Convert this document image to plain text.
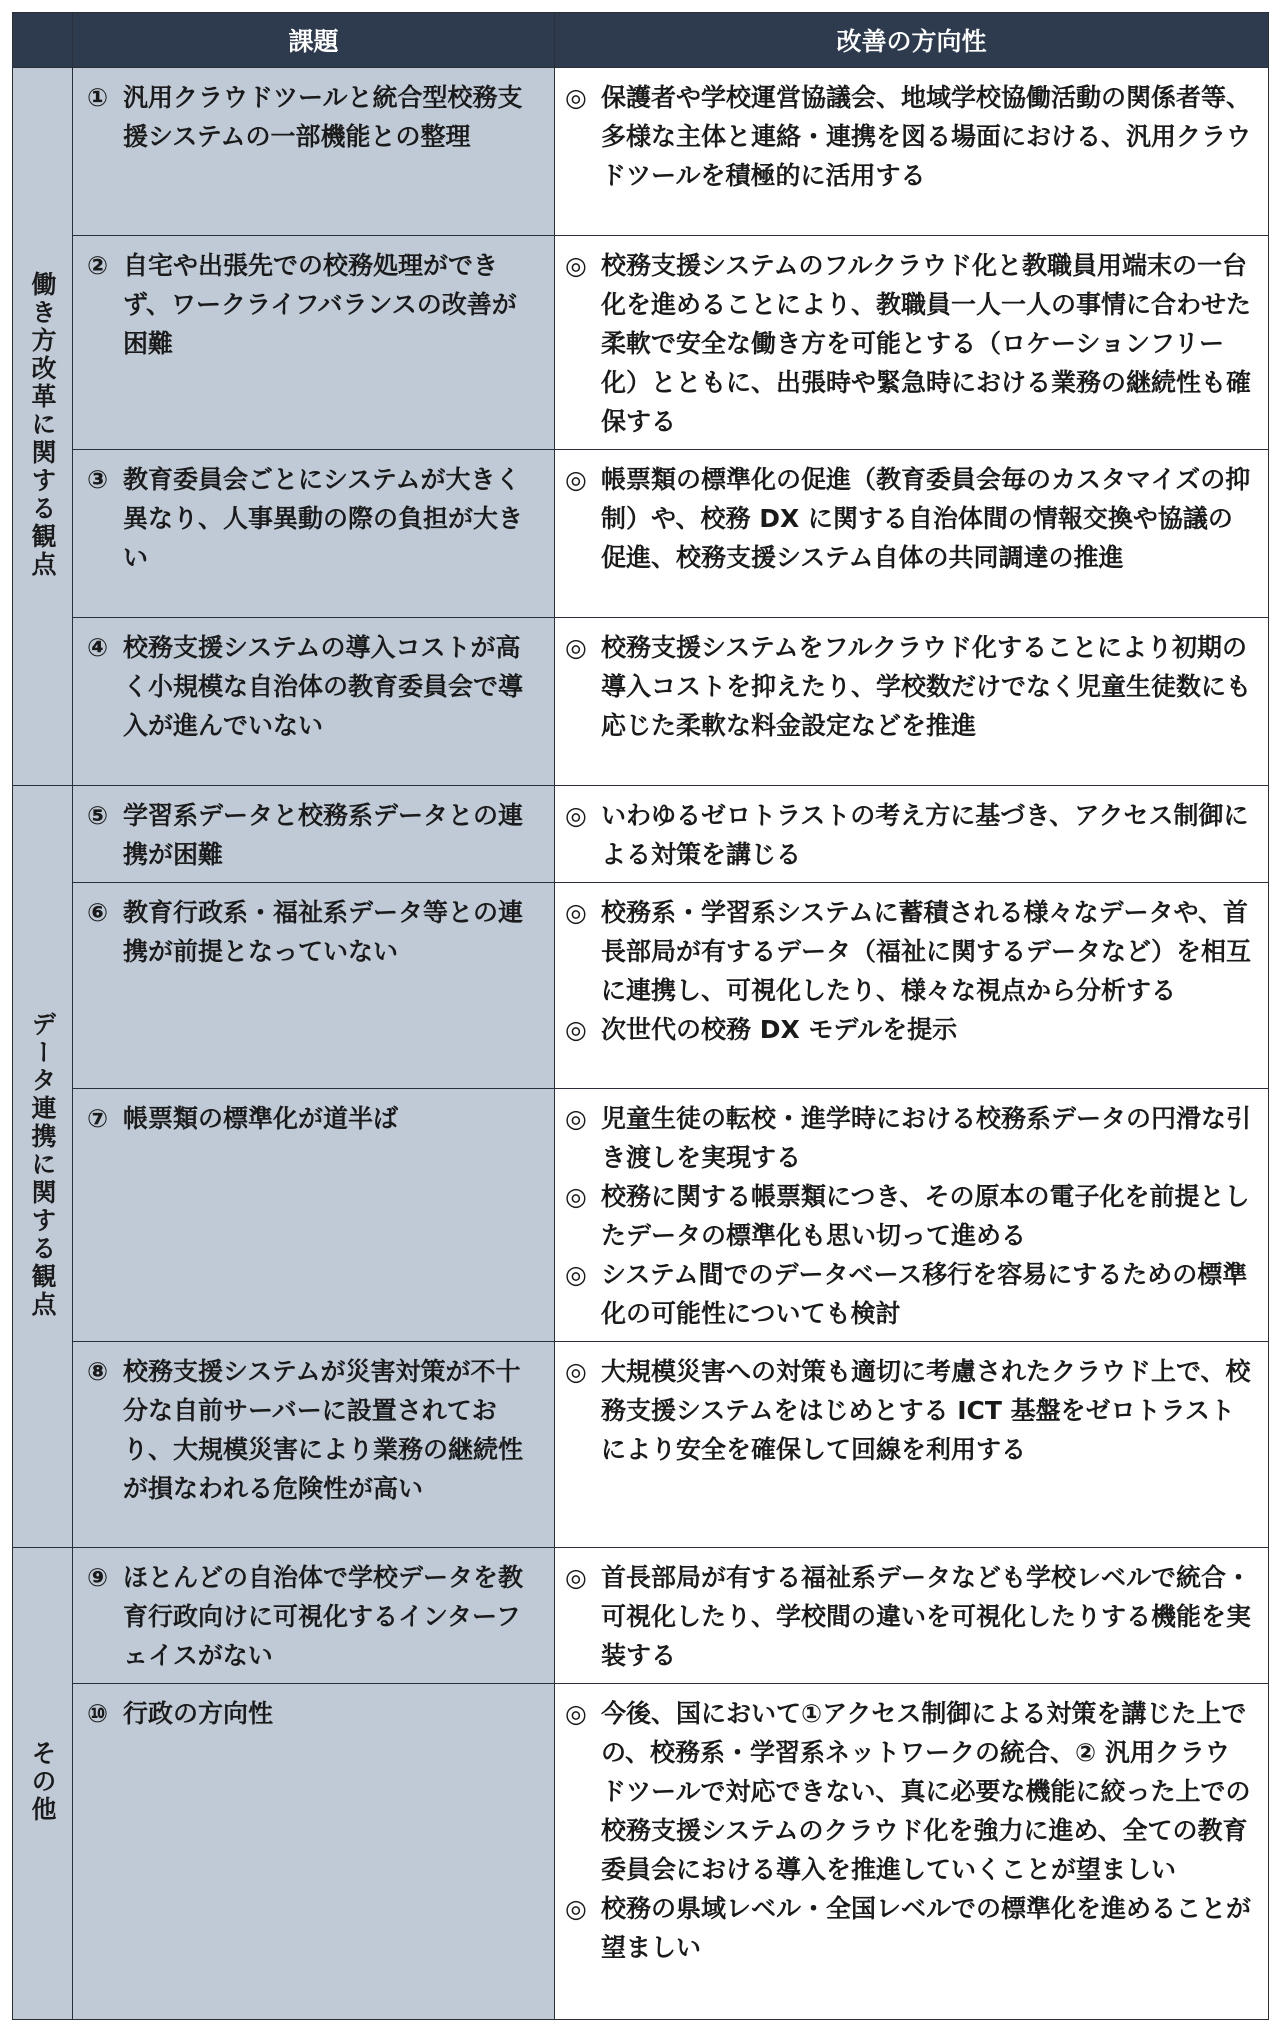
	課題	改善の方向性
働き方改革に関する観点	① 汎用クラウドツールと統合型校務支援システムの一部機能との整理	◎ 保護者や学校運営協議会、地域学校協働活動の関係者等、多様な主体と連絡・連携を図る場面における、汎用クラウドツールを積極的に活用する

	② 自宅や出張先での校務処理ができず、ワークライフバランスの改善が困難	◎ 校務支援システムのフルクラウド化と教職員用端末の一台化を進めることにより、教職員一人一人の事情に合わせた柔軟で安全な働き方を可能とする（ロケーションフリー化）とともに、出張時や緊急時における業務の継続性も確保する

	③ 教育委員会ごとにシステムが大きく異なり、人事異動の際の負担が大きい	◎ 帳票類の標準化の促進（教育委員会毎のカスタマイズの抑制）や、校務 DX に関する自治体間の情報交換や協議の促進、校務支援システム自体の共同調達の推進

	④ 校務支援システムの導入コストが高く小規模な自治体の教育委員会で導入が進んでいない	◎ 校務支援システムをフルクラウド化することにより初期の導入コストを抑えたり、学校数だけでなく児童生徒数にも応じた柔軟な料金設定などを推進

データ連携に関する観点	⑤ 学習系データと校務系データとの連携が困難	◎ いわゆるゼロトラストの考え方に基づき、アクセス制御による対策を講じる

	⑥ 教育行政系・福祉系データ等との連携が前提となっていない	◎ 校務系・学習系システムに蓄積される様々なデータや、首長部局が有するデータ（福祉に関するデータなど）を相互に連携し、可視化したり、様々な視点から分析する
◎ 次世代の校務 DX モデルを提示

	⑦ 帳票類の標準化が道半ば	◎ 児童生徒の転校・進学時における校務系データの円滑な引き渡しを実現する
◎ 校務に関する帳票類につき、その原本の電子化を前提としたデータの標準化も思い切って進める
◎ システム間でのデータベース移行を容易にするための標準化の可能性についても検討

	⑧ 校務支援システムが災害対策が不十分な自前サーバーに設置されており、大規模災害により業務の継続性が損なわれる危険性が高い	◎ 大規模災害への対策も適切に考慮されたクラウド上で、校務支援システムをはじめとする ICT 基盤をゼロトラストにより安全を確保して回線を利用する

その他	⑨ ほとんどの自治体で学校データを教育行政向けに可視化するインターフェイスがない	◎ 首長部局が有する福祉系データなども学校レベルで統合・可視化したり、学校間の違いを可視化したりする機能を実装する

	⑩ 行政の方向性	◎ 今後、国において①アクセス制御による対策を講じた上での、校務系・学習系ネットワークの統合、② 汎用クラウドツールで対応できない、真に必要な機能に絞った上での校務支援システムのクラウド化を強力に進め、全ての教育委員会における導入を推進していくことが望ましい
◎ 校務の県域レベル・全国レベルでの標準化を進めることが望ましい
